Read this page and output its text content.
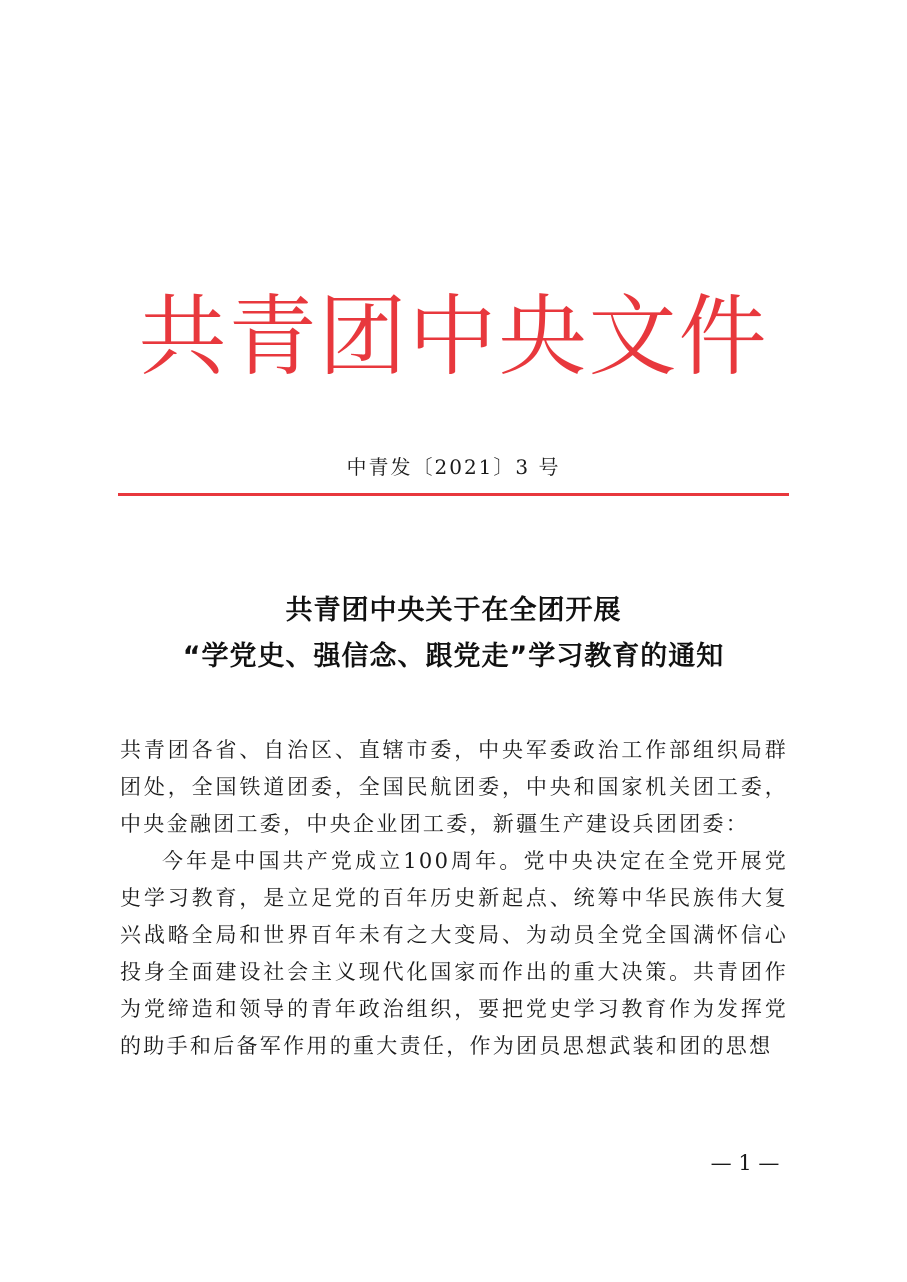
共青团中央文件
中青发〔2021〕3 号
共青团中央关于在全团开展
“学党史、强信念、跟党走”学习教育的通知

共青团各省、自治区、直辖市委，中央军委政治工作部组织局群团处，全国铁道团委，全国民航团委，中央和国家机关团工委，中央金融团工委，中央企业团工委，新疆生产建设兵团团委：

今年是中国共产党成立100周年。党中央决定在全党开展党史学习教育，是立足党的百年历史新起点、统筹中华民族伟大复兴战略全局和世界百年未有之大变局、为动员全党全国满怀信心投身全面建设社会主义现代化国家而作出的重大决策。共青团作为党缔造和领导的青年政治组织，要把党史学习教育作为发挥党的助手和后备军作用的重大责任，作为团员思想武装和团的思想

— 1 —
